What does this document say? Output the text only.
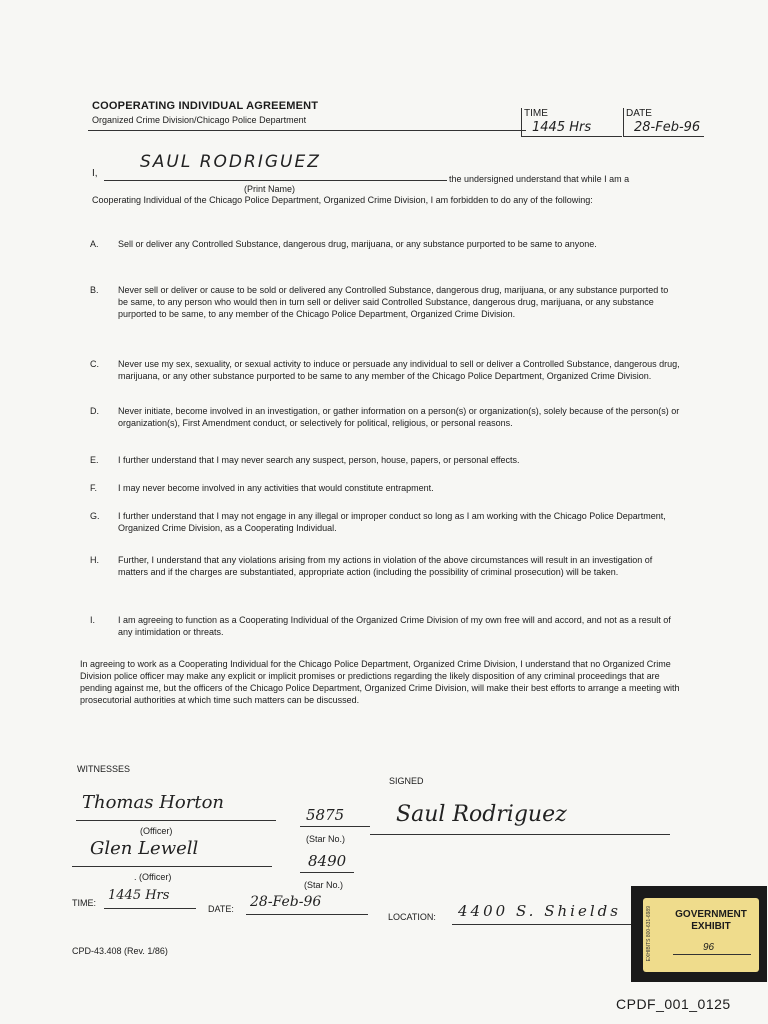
COOPERATING INDIVIDUAL AGREEMENT
Organized Crime Division/Chicago Police Department
TIME
1445 Hrs
DATE
28-Feb-96
I,
SAUL RODRIGUEZ
the undersigned understand that while I am a
(Print Name)
Cooperating Individual of the Chicago Police Department, Organized Crime Division, I am forbidden to do any of the following:
A. Sell or deliver any Controlled Substance, dangerous drug, marijuana, or any substance purported to be same to anyone.
B. Never sell or deliver or cause to be sold or delivered any Controlled Substance, dangerous drug, marijuana, or any substance purported to be same, to any person who would then in turn sell or deliver said Controlled Substance, dangerous drug, marijuana, or any substance purported to be same, to any member of the Chicago Police Department, Organized Crime Division.
C. Never use my sex, sexuality, or sexual activity to induce or persuade any individual to sell or deliver a Controlled Substance, dangerous drug, marijuana, or any other substance purported to be same to any member of the Chicago Police Department, Organized Crime Division.
D. Never initiate, become involved in an investigation, or gather information on a person(s) or organization(s), solely because of the person(s) or organization(s), First Amendment conduct, or selectively for political, religious, or personal reasons.
E. I further understand that I may never search any suspect, person, house, papers, or personal effects.
F. I may never become involved in any activities that would constitute entrapment.
G. I further understand that I may not engage in any illegal or improper conduct so long as I am working with the Chicago Police Department, Organized Crime Division, as a Cooperating Individual.
H. Further, I understand that any violations arising from my actions in violation of the above circumstances will result in an investigation of matters and if the charges are substantiated, appropriate action (including the possibility of criminal prosecution) will be taken.
I.	I am agreeing to function as a Cooperating Individual of the Organized Crime Division of my own free will and accord, and not as a result of any intimidation or threats.
In agreeing to work as a Cooperating Individual for the Chicago Police Department, Organized Crime Division, I understand that no Organized Crime Division police officer may make any explicit or implicit promises or predictions regarding the likely disposition of any criminal proceedings that are pending against me, but the officers of the Chicago Police Department, Organized Crime Division, will make their best efforts to arrange a meeting with prosecutorial authorities at which time such matters can be discussed.
WITNESSES
SIGNED
Thomas Horton
(Officer)
5875
(Star No.)
Saul Rodriguez
Glen Lewell
. (Officer)
8490
(Star No.)
TIME: 1445 Hrs
DATE: 28-Feb-96
LOCATION: 4400 S. Shields
CPD-43.408 (Rev. 1/86)	EXHIBITS 800-631-6989	GOVERNMENT EXHIBIT
96
CPDF_001_0125
